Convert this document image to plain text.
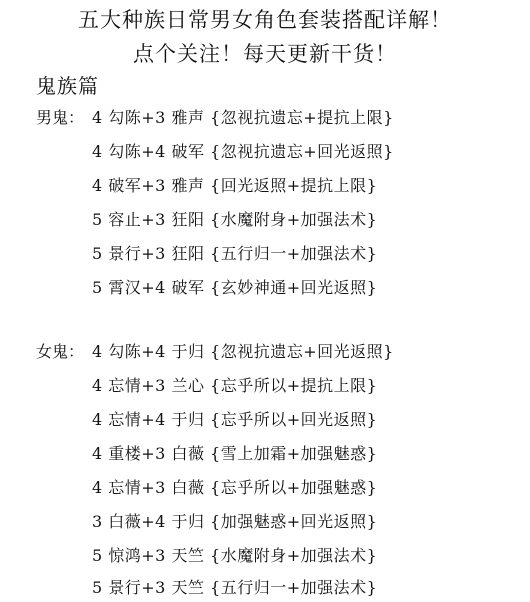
五大种族日常男女角色套装搭配详解！
点个关注！每天更新干货！
鬼族篇
男鬼： 4 勾陈+3 雅声 {忽视抗遗忘+提抗上限}
4 勾陈+4 破军 {忽视抗遗忘+回光返照}
4 破军+3 雅声 {回光返照+提抗上限}
5 容止+3 狂阳 {水魔附身+加强法术}
5 景行+3 狂阳 {五行归一+加强法术}
5 霄汉+4 破军 {玄妙神通+回光返照}
女鬼： 4 勾陈+4 于归 {忽视抗遗忘+回光返照}
4 忘情+3 兰心 {忘乎所以+提抗上限}
4 忘情+4 于归 {忘乎所以+回光返照}
4 重楼+3 白薇 {雪上加霜+加强魅惑}
4 忘情+3 白薇 {忘乎所以+加强魅惑}
3 白薇+4 于归 {加强魅惑+回光返照}
5 惊鸿+3 天竺 {水魔附身+加强法术}
5 景行+3 天竺 {五行归一+加强法术}
